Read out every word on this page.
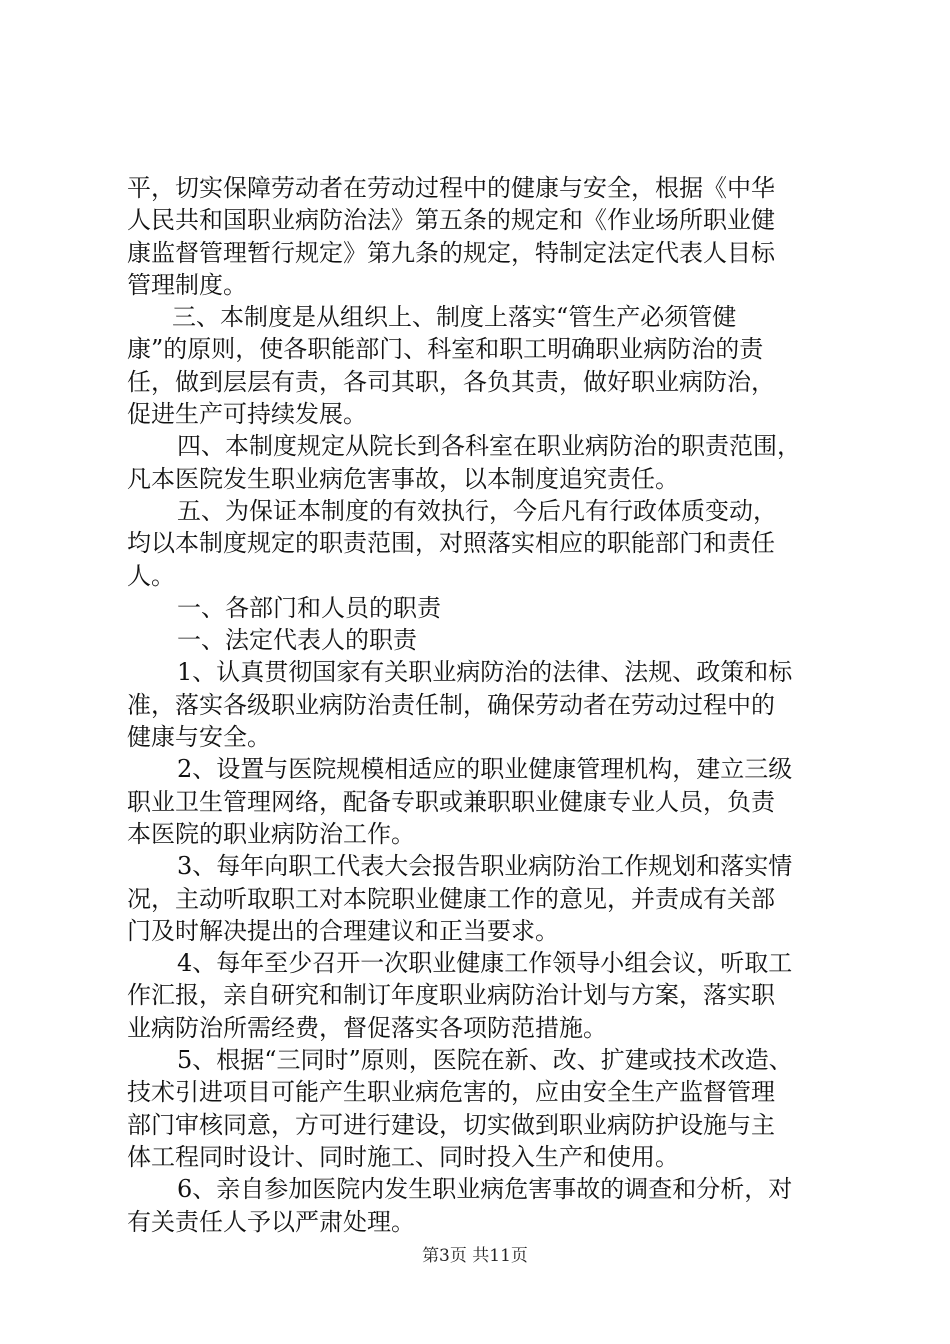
平，切实保障劳动者在劳动过程中的健康与安全，根据《中华
人民共和国职业病防治法》第五条的规定和《作业场所职业健
康监督管理暂行规定》第九条的规定，特制定法定代表人目标
管理制度。
三、本制度是从组织上、制度上落实“管生产必须管健
康”的原则，使各职能部门、科室和职工明确职业病防治的责
任，做到层层有责，各司其职，各负其责，做好职业病防治，
促进生产可持续发展。
四、本制度规定从院长到各科室在职业病防治的职责范围，
凡本医院发生职业病危害事故，以本制度追究责任。
五、为保证本制度的有效执行，今后凡有行政体质变动，
均以本制度规定的职责范围，对照落实相应的职能部门和责任
人。
一、各部门和人员的职责
一、法定代表人的职责
1、认真贯彻国家有关职业病防治的法律、法规、政策和标
准，落实各级职业病防治责任制，确保劳动者在劳动过程中的
健康与安全。
2、设置与医院规模相适应的职业健康管理机构，建立三级
职业卫生管理网络，配备专职或兼职职业健康专业人员，负责
本医院的职业病防治工作。
3、每年向职工代表大会报告职业病防治工作规划和落实情
况，主动听取职工对本院职业健康工作的意见，并责成有关部
门及时解决提出的合理建议和正当要求。
4、每年至少召开一次职业健康工作领导小组会议，听取工
作汇报，亲自研究和制订年度职业病防治计划与方案，落实职
业病防治所需经费，督促落实各项防范措施。
5、根据“三同时”原则，医院在新、改、扩建或技术改造、
技术引进项目可能产生职业病危害的，应由安全生产监督管理
部门审核同意，方可进行建设，切实做到职业病防护设施与主
体工程同时设计、同时施工、同时投入生产和使用。
6、亲自参加医院内发生职业病危害事故的调查和分析，对
有关责任人予以严肃处理。
第3页 共11页
